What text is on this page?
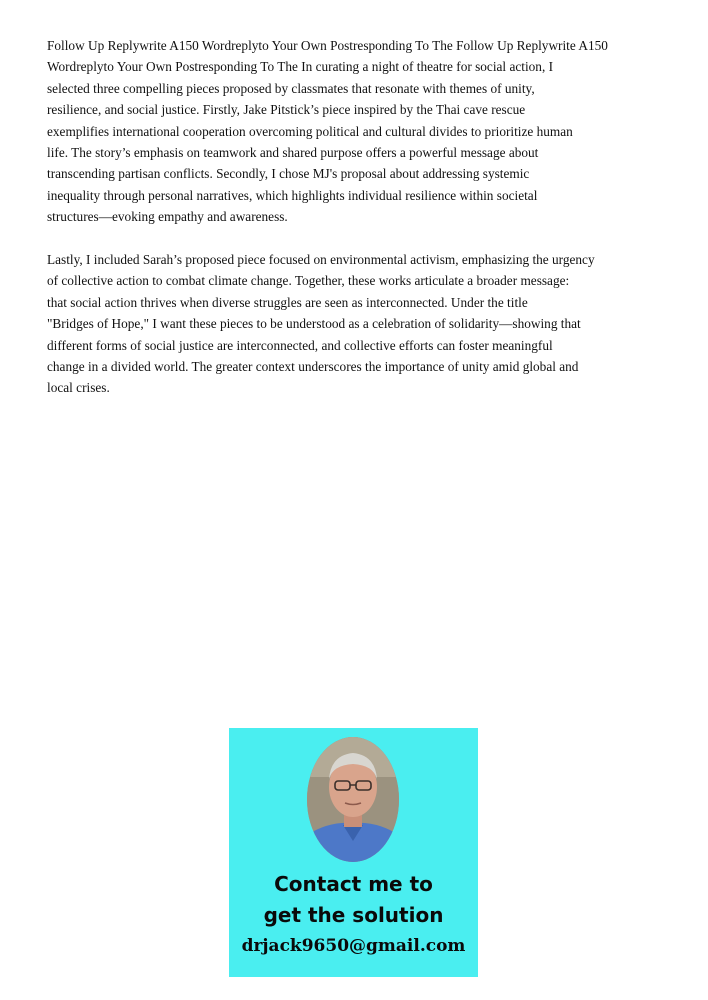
Follow Up Replywrite A150 Wordreplyto Your Own Postresponding To The Follow Up Replywrite A150
Wordreplyto Your Own Postresponding To The In curating a night of theatre for social action, I
selected three compelling pieces proposed by classmates that resonate with themes of unity,
resilience, and social justice. Firstly, Jake Pitstick’s piece inspired by the Thai cave rescue
exemplifies international cooperation overcoming political and cultural divides to prioritize human
life. The story’s emphasis on teamwork and shared purpose offers a powerful message about
transcending partisan conflicts. Secondly, I chose MJ's proposal about addressing systemic
inequality through personal narratives, which highlights individual resilience within societal
structures—evoking empathy and awareness.
Lastly, I included Sarah’s proposed piece focused on environmental activism, emphasizing the urgency
of collective action to combat climate change. Together, these works articulate a broader message:
that social action thrives when diverse struggles are seen as interconnected. Under the title
"Bridges of Hope," I want these pieces to be understood as a celebration of solidarity—showing that
different forms of social justice are interconnected, and collective efforts can foster meaningful
change in a divided world. The greater context underscores the importance of unity amid global and
local crises.
Contact me to
get the solution
drjack9650@gmail.com
